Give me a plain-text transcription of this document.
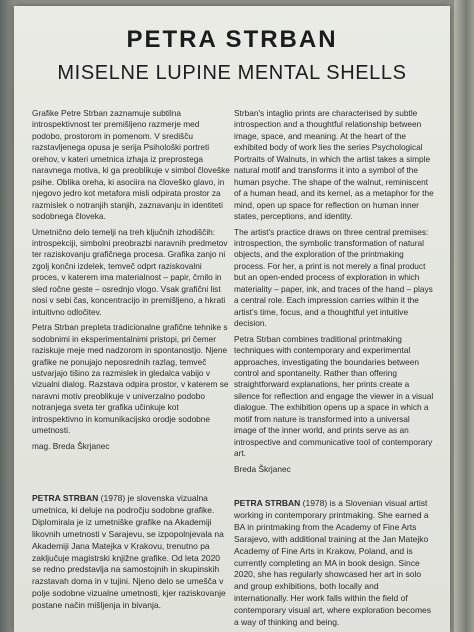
PETRA STRBAN
MISELNE LUPINE MENTAL SHELLS

Grafike Petre Strban zaznamuje subtilna introspektivnost ter premišljeno razmerje med podobo, prostorom in pomenom. V središču razstavljenega opusa je serija Psihološki portreti orehov, v kateri umetnica izhaja iz preprostega naravnega motiva, ki ga preoblikuje v simbol človeške psihe. Oblika oreha, ki asociira na človeško glavo, in njegovo jedro kot metafora misli odpirata prostor za razmislek o notranjih stanjih, zaznavanju in identiteti sodobnega človeka.

Umetnično delo temelji na treh ključnih izhodiščih: introspekciji, simbolni preobrazbi naravnih predmetov ter raziskovanju grafičnega procesa. Grafika zanjo ni zgolj končni izdelek, temveč odprt raziskovalni proces, v katerem ima materialnost – papir, črnilo in sled ročne geste – osrednjo vlogo. Vsak grafični list nosi v sebi čas, koncentracijo in premišljeno, a hkrati intuitivno odločitev.

Petra Strban prepleta tradicionalne grafične tehnike s sodobnimi in eksperimentalnimi pristopi, pri čemer raziskuje meje med nadzorom in spontanostjo. Njene grafike ne ponujajo neposrednih razlag, temveč ustvarjajo tišino za razmislek in gledalca vabijo v vizualni dialog. Razstava odpira prostor, v katerem se naravni motiv preoblikuje v univerzalno podobo notranjega sveta ter grafika učinkuje kot introspektivno in komunikacijsko orodje sodobne umetnosti.

mag. Breda Škrjanec

Strban's intaglio prints are characterised by subtle introspection and a thoughtful relationship between image, space, and meaning. At the heart of the exhibited body of work lies the series Psychological Portraits of Walnuts, in which the artist takes a simple natural motif and transforms it into a symbol of the human psyche. The shape of the walnut, reminiscent of a human head, and its kernel, as a metaphor for the mind, open up space for reflection on human inner states, perceptions, and identity.

The artist's practice draws on three central premises: introspection, the symbolic transformation of natural objects, and the exploration of the printmaking process. For her, a print is not merely a final product but an open-ended process of exploration in which materiality – paper, ink, and traces of the hand – plays a central role. Each impression carries within it the artist's time, focus, and a thoughtful yet intuitive decision.

Petra Strban combines traditional printmaking techniques with contemporary and experimental approaches, investigating the boundaries between control and spontaneity. Rather than offering straightforward explanations, her prints create a silence for reflection and engage the viewer in a visual dialogue. The exhibition opens up a space in which a motif from nature is transformed into a universal image of the inner world, and prints serve as an introspective and communicative tool of contemporary art.

Breda Škrjanec

PETRA STRBAN (1978) je slovenska vizualna umetnica, ki deluje na področju sodobne grafike. Diplomirala je iz umetniške grafike na Akademiji likovnih umetnosti v Sarajevu, se izpopolnjevala na Akademiji Jana Matejka v Krakovu, trenutno pa zaključuje magistrski knjižne grafike. Od leta 2020 se redno predstavlja na samostojnih in skupinskih razstavah doma in v tujini. Njeno delo se umešča v polje sodobne vizualne umetnosti, kjer raziskovanje postane način mišljenja in bivanja.
PETRA STRBAN (1978) is a Slovenian visual artist working in contemporary printmaking. She earned a BA in printmaking from the Academy of Fine Arts Sarajevo, with additional training at the Jan Matejko Academy of Fine Arts in Krakow, Poland, and is currently completing an MA in book design. Since 2020, she has regularly showcased her art in solo and group exhibitions, both locally and internationally. Her work falls within the field of contemporary visual art, where exploration becomes a way of thinking and being.
